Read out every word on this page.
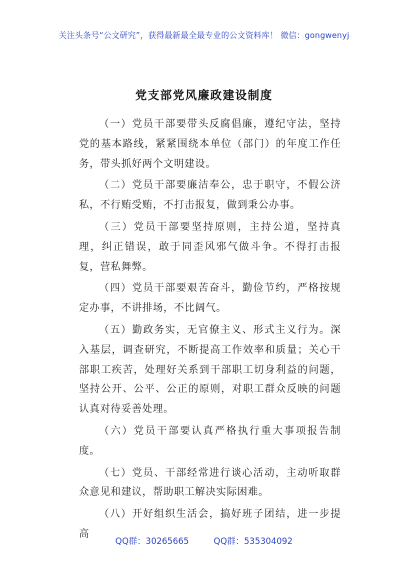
关注头条号“公文研究”，获得最新最全最专业的公文资料库！ 微信：gongwenyj
党支部党风廉政建设制度

（一）党员干部要带头反腐倡廉，遵纪守法，坚持党的基本路线，紧紧围绕本单位（部门）的年度工作任务，带头抓好两个文明建设。

（二）党员干部要廉洁奉公，忠于职守，不假公济私，不行贿受贿，不打击报复，做到秉公办事。

（三）党员干部要坚持原则，主持公道，坚持真理，纠正错误，敢于同歪风邪气做斗争。不得打击报复，营私舞弊。

（四）党员干部要艰苦奋斗，勤俭节约，严格按规定办事，不讲排场，不比阔气。

（五）勤政务实，无官僚主义、形式主义行为。深入基层，调查研究，不断提高工作效率和质量；关心干部职工疾苦，处理好关系到干部职工切身利益的问题，坚持公开、公平、公正的原则，对职工群众反映的问题认真对待妥善处理。

（六）党员干部要认真严格执行重大事项报告制度。

（七）党员、干部经常进行谈心活动，主动听取群众意见和建议，帮助职工解决实际困难。

（八）开好组织生活会，搞好班子团结，进一步提高

QQ群：30265665	QQ群：535304092
